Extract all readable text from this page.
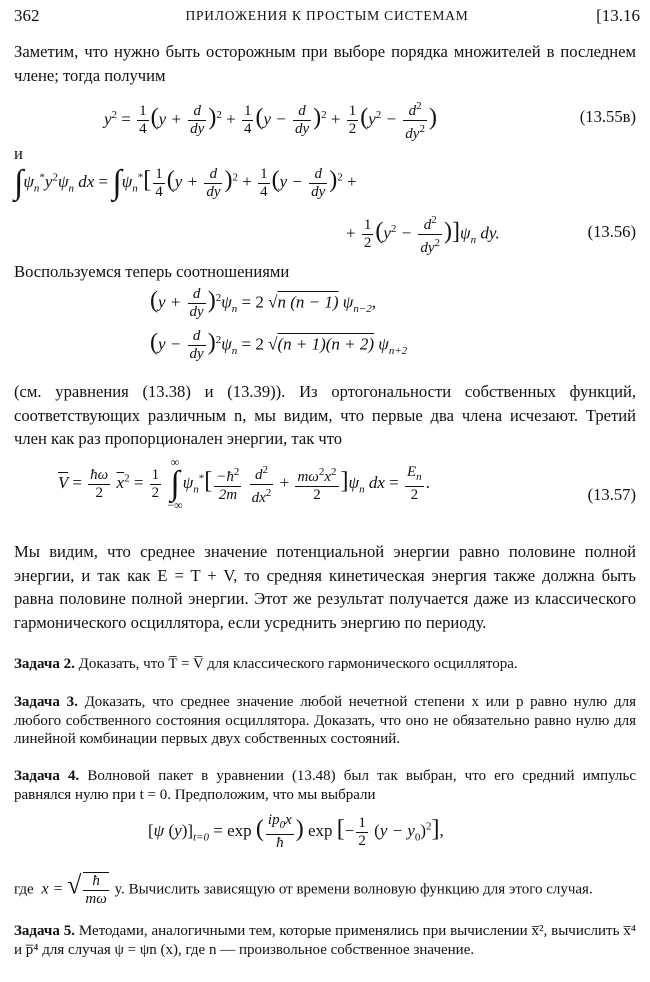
362	ПРИЛОЖЕНИЯ К ПРОСТЫМ СИСТЕМАМ	[13.16
Заметим, что нужно быть осторожным при выборе порядка множителей в последнем члене; тогда получим
$y^2 = \frac{1}{4} (y + \frac{d}{dy} )^2 + \frac{1}{4} (y - \frac{d}{dy} )^2 + \frac{1}{2} (y^2 - \frac{d^2}{dy^2}$ )	(13.55в)
и
$\int\psi_n^*y^2\psi_n$ dx = $\int\psi_n^*[ \frac{1}{4} (y + \frac{d}{dy} )^2 + \frac{1}{4} (y - \frac{d}{dy} )^2$ +
+ $\frac{1}{2} (y^2 - \frac{d^2}{dy^2} )]\psi_n$ dy.	(13.56)
Воспользуемся теперь соотношениями
$(y + \frac{d}{dy} )^2\psi_n = 2$ √n (n − 1) $\psi_{n-2}$,
$(y - \frac{d}{dy} )^2\psi_n = 2$ √(n + 1)(n + 2) $\psi_{n+2}$
(см. уравнения (13.38) и (13.39)). Из ортогональности собственных функций, соответствующих различным n, мы видим, что первые два члена исчезают. Третий член как раз пропорционален энергии, так что
$\overline{V} = \frac{ħ\omega}{2} \overline{x}^2 = \frac{1}{2}$

∞
∫
−∞
$\psi_n^*[ \frac{-ħ^2}{2m}$
$\frac{d^2}{dx^2} + \frac{m\omega^2x^2}{2} ]\psi_n$ dx = $\frac{E_n}{2}$ .
(13.57)
Мы видим, что среднее значение потенциальной энергии равно половине полной энергии, и так как E = T + V, то средняя кинетическая энергия также должна быть равна половине полной энергии. Этот же результат получается даже из классического гармонического осциллятора, если усреднить энергию по периоду.
Задача 2. Доказать, что T̅ = V̅ для классического гармонического осциллятора.
Задача 3. Доказать, что среднее значение любой нечетной степени x или p равно нулю для любого собственного состояния осциллятора. Доказать, что оно не обязательно равно нулю для линейной комбинации первых двух собственных состояний.
Задача 4. Волновой пакет в уравнении (13.48) был так выбран, что его средний импульс равнялся нулю при t = 0. Предположим, что мы выбрали
[ψ $(y)]_{t=0} = \exp$ ( $\frac{ip_0x}{ħ}$ ) exp [− $\frac{1}{2} (y - y_0)^2$],
где  x = √ $\frac{ħ}{m\omega} y$. Вычислить зависящую от времени волновую функцию для этого случая.
Задача 5. Методами, аналогичными тем, которые применялись при вычислении x̅², вычислить x̅⁴ и p̅⁴ для случая ψ = ψn (x), где n — произвольное собственное значение.
